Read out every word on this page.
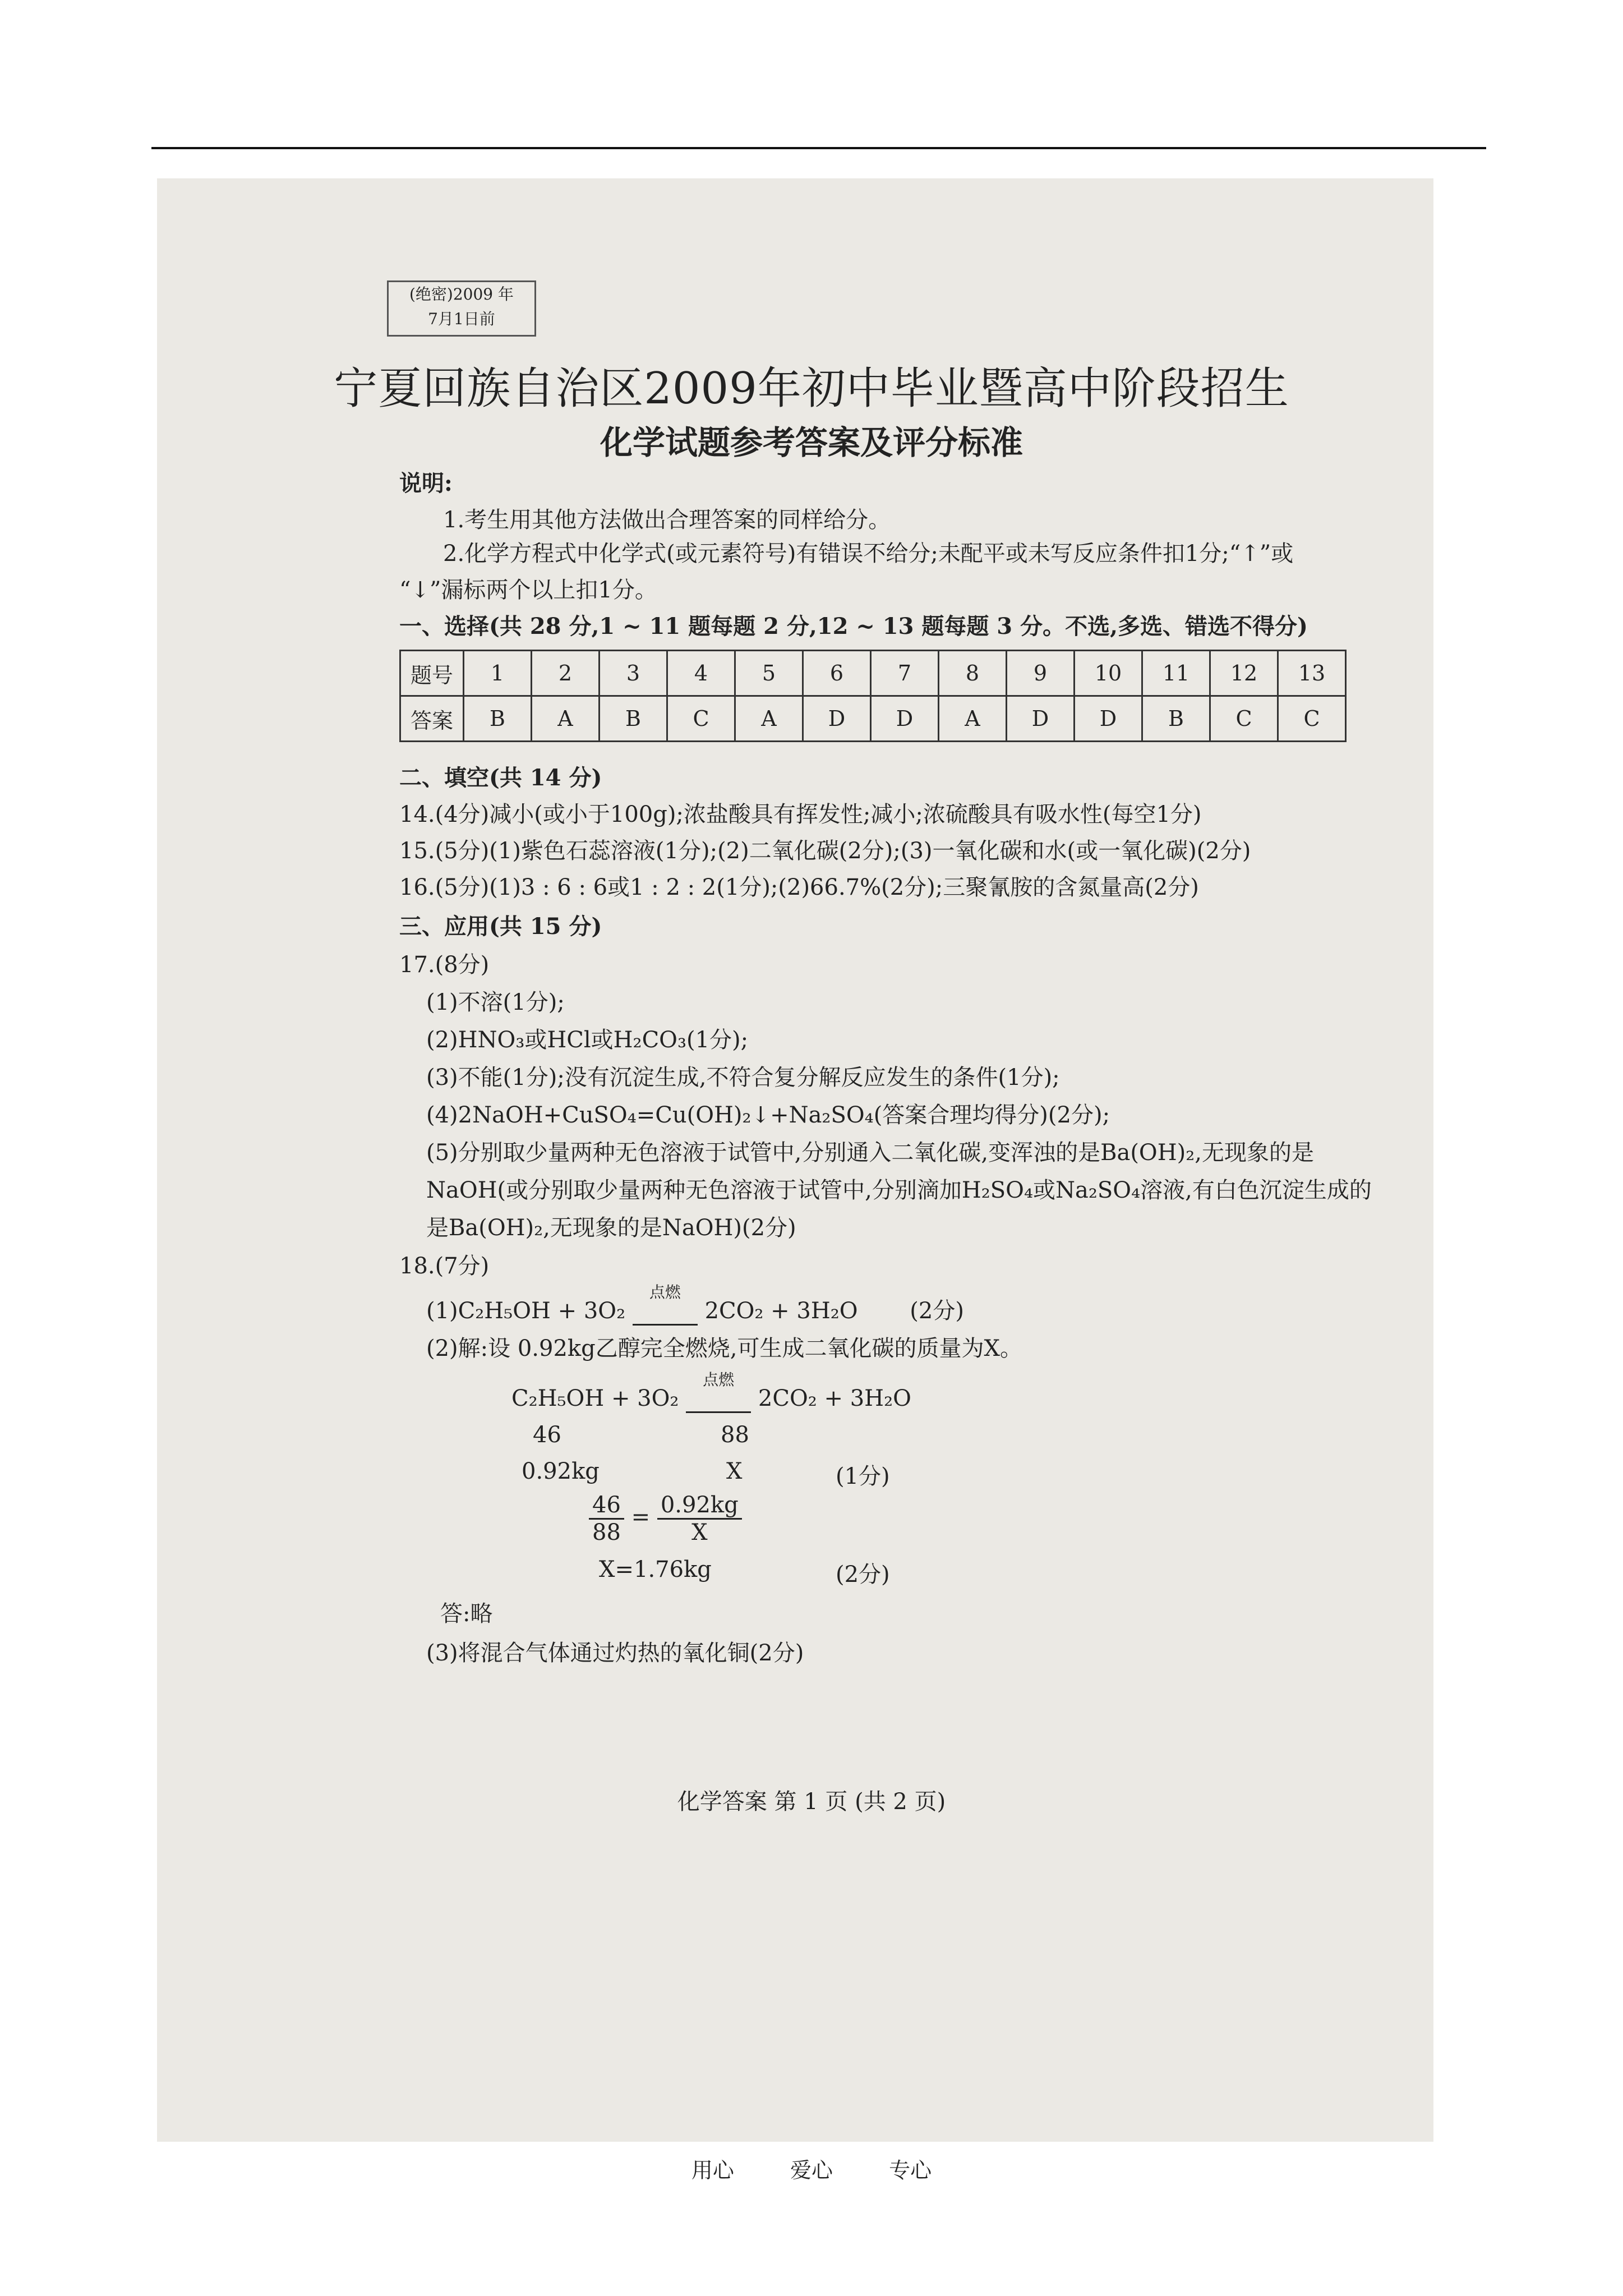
(绝密)2009 年
7月1日前
宁夏回族自治区2009年初中毕业暨高中阶段招生
化学试题参考答案及评分标准
说明:
1.考生用其他方法做出合理答案的同样给分。
2.化学方程式中化学式(或元素符号)有错误不给分;未配平或未写反应条件扣1分;“↑”或
“↓”漏标两个以上扣1分。
一、选择(共 28 分,1 ~ 11 题每题 2 分,12 ~ 13 题每题 3 分。不选,多选、错选不得分)
题号	1	2	3	4	5	6	7	8	9	10	11	12	13
答案	B	A	B	C	A	D	D	A	D	D	B	C	C
二、填空(共 14 分)
14.(4分)减小(或小于100g);浓盐酸具有挥发性;减小;浓硫酸具有吸水性(每空1分)
15.(5分)(1)紫色石蕊溶液(1分);(2)二氧化碳(2分);(3)一氧化碳和水(或一氧化碳)(2分)
16.(5分)(1)3 : 6 : 6或1 : 2 : 2(1分);(2)66.7%(2分);三聚氰胺的含氮量高(2分)
三、应用(共 15 分)
17.(8分)
(1)不溶(1分);
(2)HNO₃或HCl或H₂CO₃(1分);
(3)不能(1分);没有沉淀生成,不符合复分解反应发生的条件(1分);
(4)2NaOH+CuSO₄=Cu(OH)₂↓+Na₂SO₄(答案合理均得分)(2分);
(5)分别取少量两种无色溶液于试管中,分别通入二氧化碳,变浑浊的是Ba(OH)₂,无现象的是
NaOH(或分别取少量两种无色溶液于试管中,分别滴加H₂SO₄或Na₂SO₄溶液,有白色沉淀生成的
是Ba(OH)₂,无现象的是NaOH)(2分)
18.(7分)
(1)C₂H₅OH + 3O₂
点燃
   2CO₂ + 3H₂O (2分)
(2)解:设 0.92kg乙醇完全燃烧,可生成二氧化碳的质量为X。
C₂H₅OH + 3O₂
点燃
   2CO₂ + 3H₂O
46	88
0.92kg	X	(1分)
$\frac{46}{88} = \frac{0.92kg}{X}$
X=1.76kg	(2分)
答:略
(3)将混合气体通过灼热的氧化铜(2分)
化学答案 第 1 页 (共 2 页)
用心	爱心	专心
